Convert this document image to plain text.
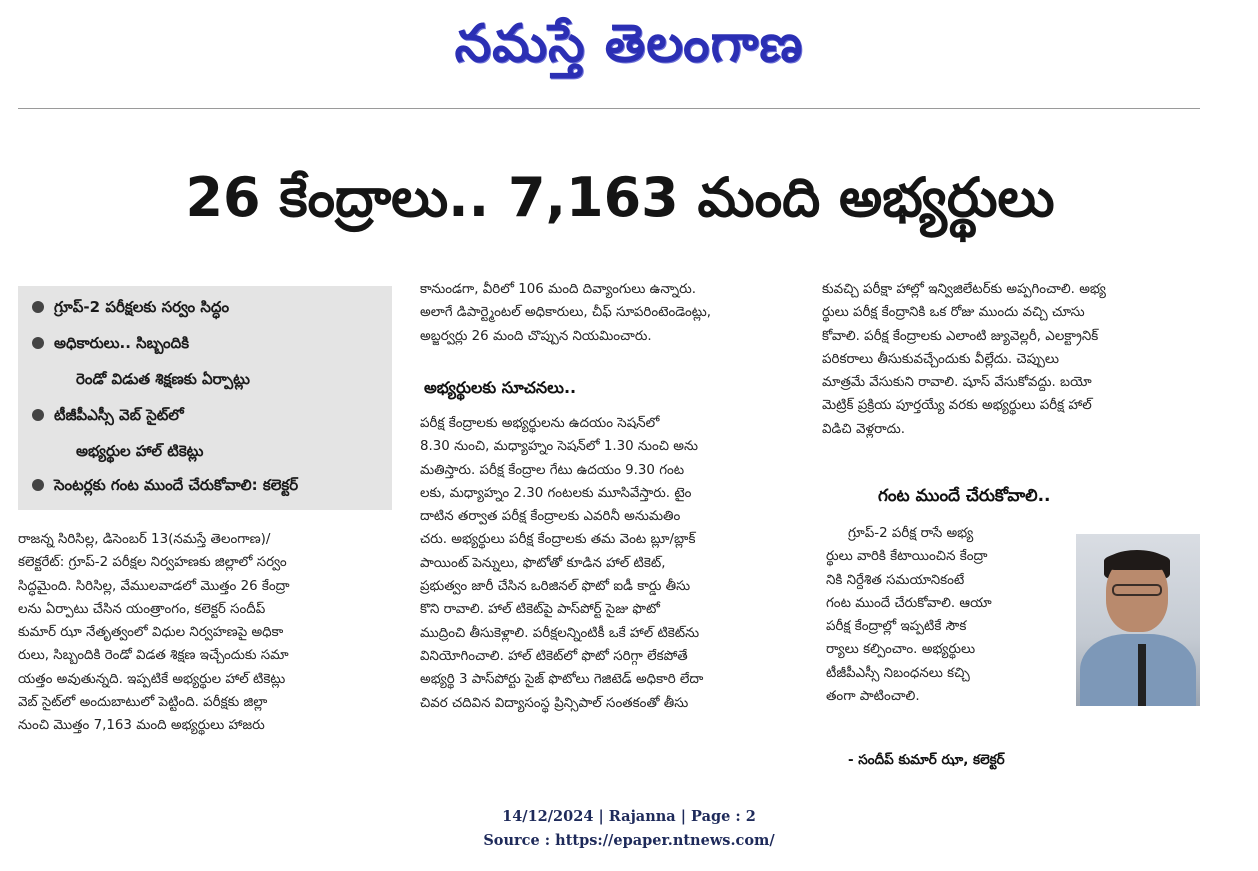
నమస్తే తెలంగాణ
26 కేంద్రాలు.. 7,163 మంది అభ్యర్థులు
గ్రూప్-2 పరీక్షలకు సర్వం సిద్ధం
అధికారులు.. సిబ్బందికి
రెండో విడుత శిక్షణకు ఏర్పాట్లు
టీజీపీఎస్సీ వెబ్ సైట్‌లో
అభ్యర్థుల హాల్ టికెట్లు
సెంటర్లకు గంట ముందే చేరుకోవాలి: కలెక్టర్
రాజన్న సిరిసిల్ల, డిసెంబర్ 13(నమస్తే తెలంగాణ)/
కలెక్టరేట్: గ్రూప్-2 పరీక్షల నిర్వహణకు జిల్లాలో సర్వం
సిద్ధమైంది. సిరిసిల్ల, వేములవాడలో మొత్తం 26 కేంద్రా
లను ఏర్పాటు చేసిన యంత్రాంగం, కలెక్టర్ సందీప్
కుమార్ ఝా నేతృత్వంలో విధుల నిర్వహణపై అధికా
రులు, సిబ్బందికి రెండో విడత శిక్షణ ఇచ్చేందుకు సమా
యత్తం అవుతున్నది. ఇప్పటికే అభ్యర్థుల హాల్ టికెట్లు
వెబ్ సైట్‌లో అందుబాటులో పెట్టింది. పరీక్షకు జిల్లా
నుంచి మొత్తం 7,163 మంది అభ్యర్థులు హాజరు
కానుండగా, వీరిలో 106 మంది దివ్యాంగులు ఉన్నారు.
అలాగే డిపార్ట్మెంటల్ అధికారులు, చీఫ్ సూపరింటెండెంట్లు,
అబ్జర్వర్లు 26 మంది చొప్పున నియమించారు.
అభ్యర్థులకు సూచనలు..
పరీక్ష కేంద్రాలకు అభ్యర్థులను ఉదయం సెషన్‌లో
8.30 నుంచి, మధ్యాహ్నం సెషన్‌లో 1.30 నుంచి అను
మతిస్తారు. పరీక్ష కేంద్రాల గేటు ఉదయం 9.30 గంట
లకు, మధ్యాహ్నం 2.30 గంటలకు మూసివేస్తారు. టైం
దాటిన తర్వాత పరీక్ష కేంద్రాలకు ఎవరినీ అనుమతిం
చరు. అభ్యర్థులు పరీక్ష కేంద్రాలకు తమ వెంట బ్లూ/బ్లాక్
పాయింట్ పెన్నులు, ఫొటోతో కూడిన హాల్ టికెట్,
ప్రభుత్వం జారీ చేసిన ఒరిజినల్ ఫొటో ఐడీ కార్డు తీసు
కొని రావాలి. హాల్ టికెట్‌పై పాస్‌పోర్ట్ సైజు ఫొటో
ముద్రించి తీసుకెళ్లాలి. పరీక్షలన్నింటికీ ఒకే హాల్ టికెట్‌ను
వినియోగించాలి. హాల్ టికెట్‌లో ఫొటో సరిగ్గా లేకపోతే
అభ్యర్థి 3 పాస్‌పోర్టు సైజ్ ఫొటోలు గెజిటెడ్ అధికారి లేదా
చివర చదివిన విద్యాసంస్థ ప్రిన్సిపాల్ సంతకంతో తీసు
కువచ్చి పరీక్షా హాల్లో ఇన్విజిలేటర్‌కు అప్పగించాలి. అభ్య
ర్థులు పరీక్ష కేంద్రానికి ఒక రోజు ముందు వచ్చి చూసు
కోవాలి. పరీక్ష కేంద్రాలకు ఎలాంటి జ్యువెల్లరీ, ఎలక్ట్రానిక్
పరికరాలు తీసుకువచ్చేందుకు వీల్లేదు. చెప్పులు
మాత్రమే వేసుకుని రావాలి. షూస్ వేసుకోవద్దు. బయో
మెట్రిక్ ప్రక్రియ పూర్తయ్యే వరకు అభ్యర్థులు పరీక్ష హాల్
విడిచి వెళ్లరాదు.
గంట ముందే చేరుకోవాలి..
గ్రూప్-2 పరీక్ష రాసే అభ్య
ర్థులు వారికి కేటాయించిన కేంద్రా
నికి నిర్దేశిత సమయానికంటే
గంట ముందే చేరుకోవాలి. ఆయా
పరీక్ష కేంద్రాల్లో ఇప్పటికే సౌక
ర్యాలు కల్పించాం. అభ్యర్థులు
టీజీపీఎస్సీ నిబంధనలు కచ్చి
తంగా పాటించాలి.
- సందీప్ కుమార్ ఝా, కలెక్టర్
14/12/2024 | Rajanna | Page : 2
Source : https://epaper.ntnews.com/
